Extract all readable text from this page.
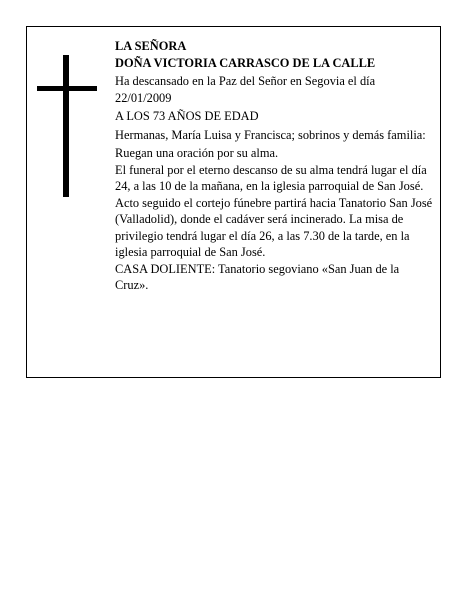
LA SEÑORA

DOÑA VICTORIA CARRASCO DE LA CALLE

Ha descansado en la Paz del Señor en Segovia el día 22/01/2009

A LOS 73 AÑOS DE EDAD

Hermanas, María Luisa y Francisca; sobrinos y demás familia:

Ruegan una oración por su alma.

El funeral por el eterno descanso de su alma tendrá lugar el día 24, a las 10 de la mañana, en la iglesia parroquial de San José. Acto seguido el cortejo fúnebre partirá hacia Tanatorio San José (Valladolid), donde el cadáver será incinerado. La misa de privilegio tendrá lugar el día 26, a las 7.30 de la tarde, en la iglesia parroquial de San José.

CASA DOLIENTE: Tanatorio segoviano «San Juan de la Cruz».
